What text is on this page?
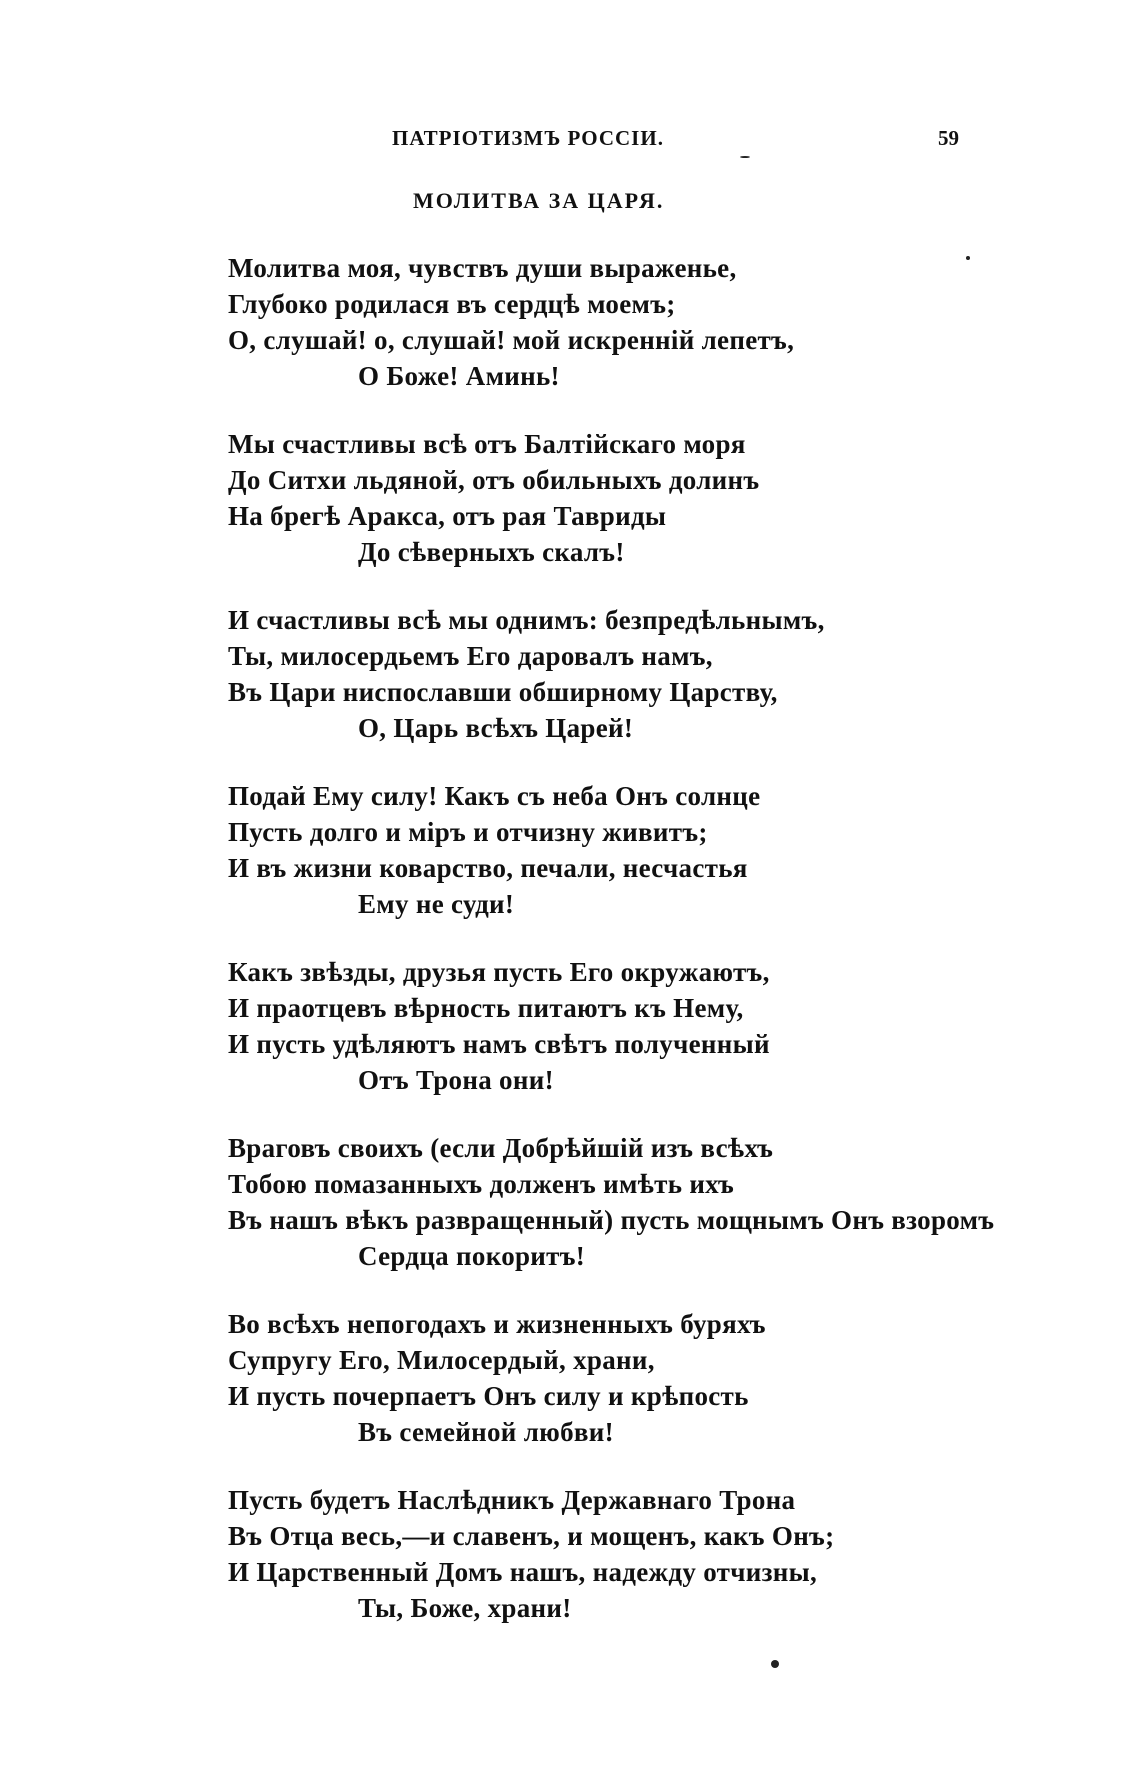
ПАТРІОТИЗМЪ РОССІИ.	59
МОЛИТВА ЗА ЦАРЯ.
Молитва моя, чувствъ души выраженье,
Глубоко родилася въ сердцѣ моемъ;
О, слушай! о, слушай! мой искренній лепетъ,
О Боже! Аминь!
Мы счастливы всѣ отъ Балтійскаго моря
До Ситхи льдяной, отъ обильныхъ долинъ
На брегѣ Аракса, отъ рая Тавриды
До сѣверныхъ скалъ!
И счастливы всѣ мы однимъ: безпредѣльнымъ,
Ты, милосердьемъ Его даровалъ намъ,
Въ Цари ниспославши обширному Царству,
О, Царь всѣхъ Царей!
Подай Ему силу! Какъ съ неба Онъ солнце
Пусть долго и міръ и отчизну живитъ;
И въ жизни коварство, печали, несчастья
Ему не суди!
Какъ звѣзды, друзья пусть Его окружаютъ,
И праотцевъ вѣрность питаютъ къ Нему,
И пусть удѣляютъ намъ свѣтъ полученный
Отъ Трона они!
Враговъ своихъ (если Добрѣйшій изъ всѣхъ
Тобою помазанныхъ долженъ имѣть ихъ
Въ нашъ вѣкъ развращенный) пусть мощнымъ Онъ взоромъ
Сердца покоритъ!
Во всѣхъ непогодахъ и жизненныхъ буряхъ
Супругу Его, Милосердый, храни,
И пусть почерпаетъ Онъ силу и крѣпость
Въ семейной любви!
Пусть будетъ Наслѣдникъ Державнаго Трона
Въ Отца весь,—и славенъ, и мощенъ, какъ Онъ;
И Царственный Домъ нашъ, надежду отчизны,
Ты, Боже, храни!
